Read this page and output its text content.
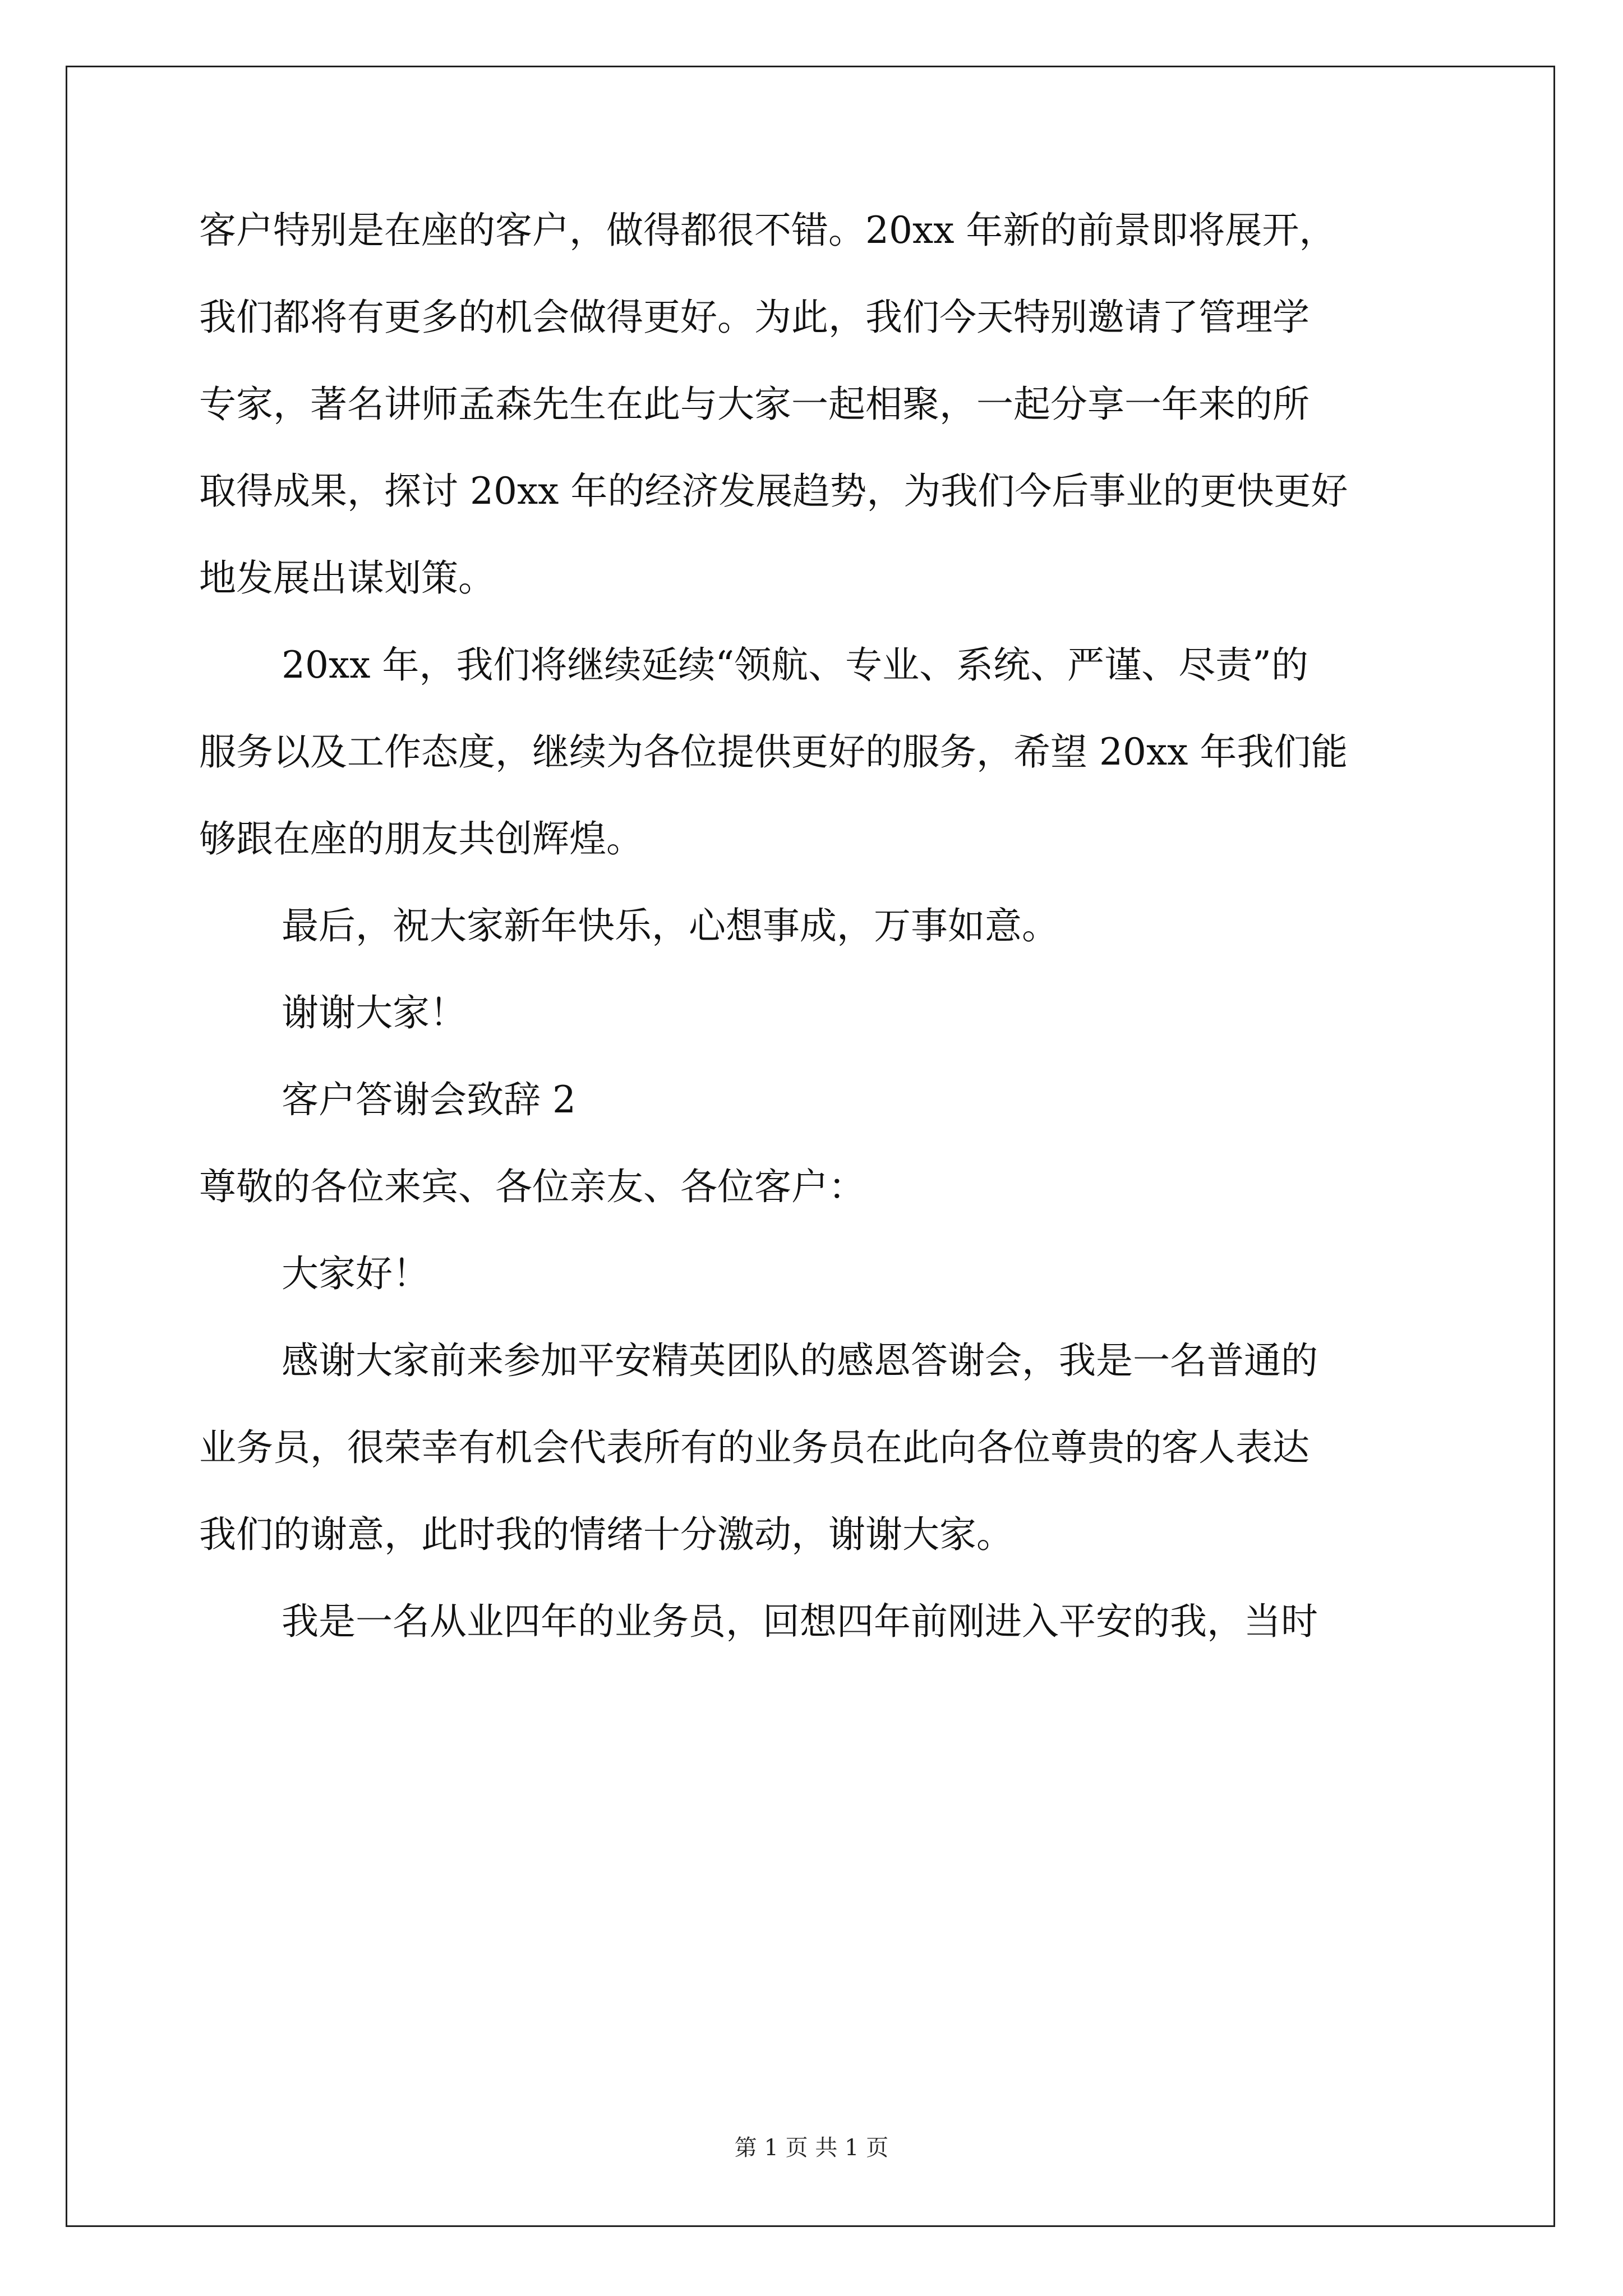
客户特别是在座的客户，做得都很不错。20xx 年新的前景即将展开，
我们都将有更多的机会做得更好。为此，我们今天特别邀请了管理学
专家，著名讲师孟森先生在此与大家一起相聚，一起分享一年来的所
取得成果，探讨 20xx 年的经济发展趋势，为我们今后事业的更快更好
地发展出谋划策。
20xx 年，我们将继续延续“领航、专业、系统、严谨、尽责”的
服务以及工作态度，继续为各位提供更好的服务，希望 20xx 年我们能
够跟在座的朋友共创辉煌。
最后，祝大家新年快乐，心想事成，万事如意。
谢谢大家！
客户答谢会致辞 2
尊敬的各位来宾、各位亲友、各位客户：
大家好！
感谢大家前来参加平安精英团队的感恩答谢会，我是一名普通的
业务员，很荣幸有机会代表所有的业务员在此向各位尊贵的客人表达
我们的谢意，此时我的情绪十分激动，谢谢大家。
我是一名从业四年的业务员，回想四年前刚进入平安的我，当时
第 1 页 共 1 页
